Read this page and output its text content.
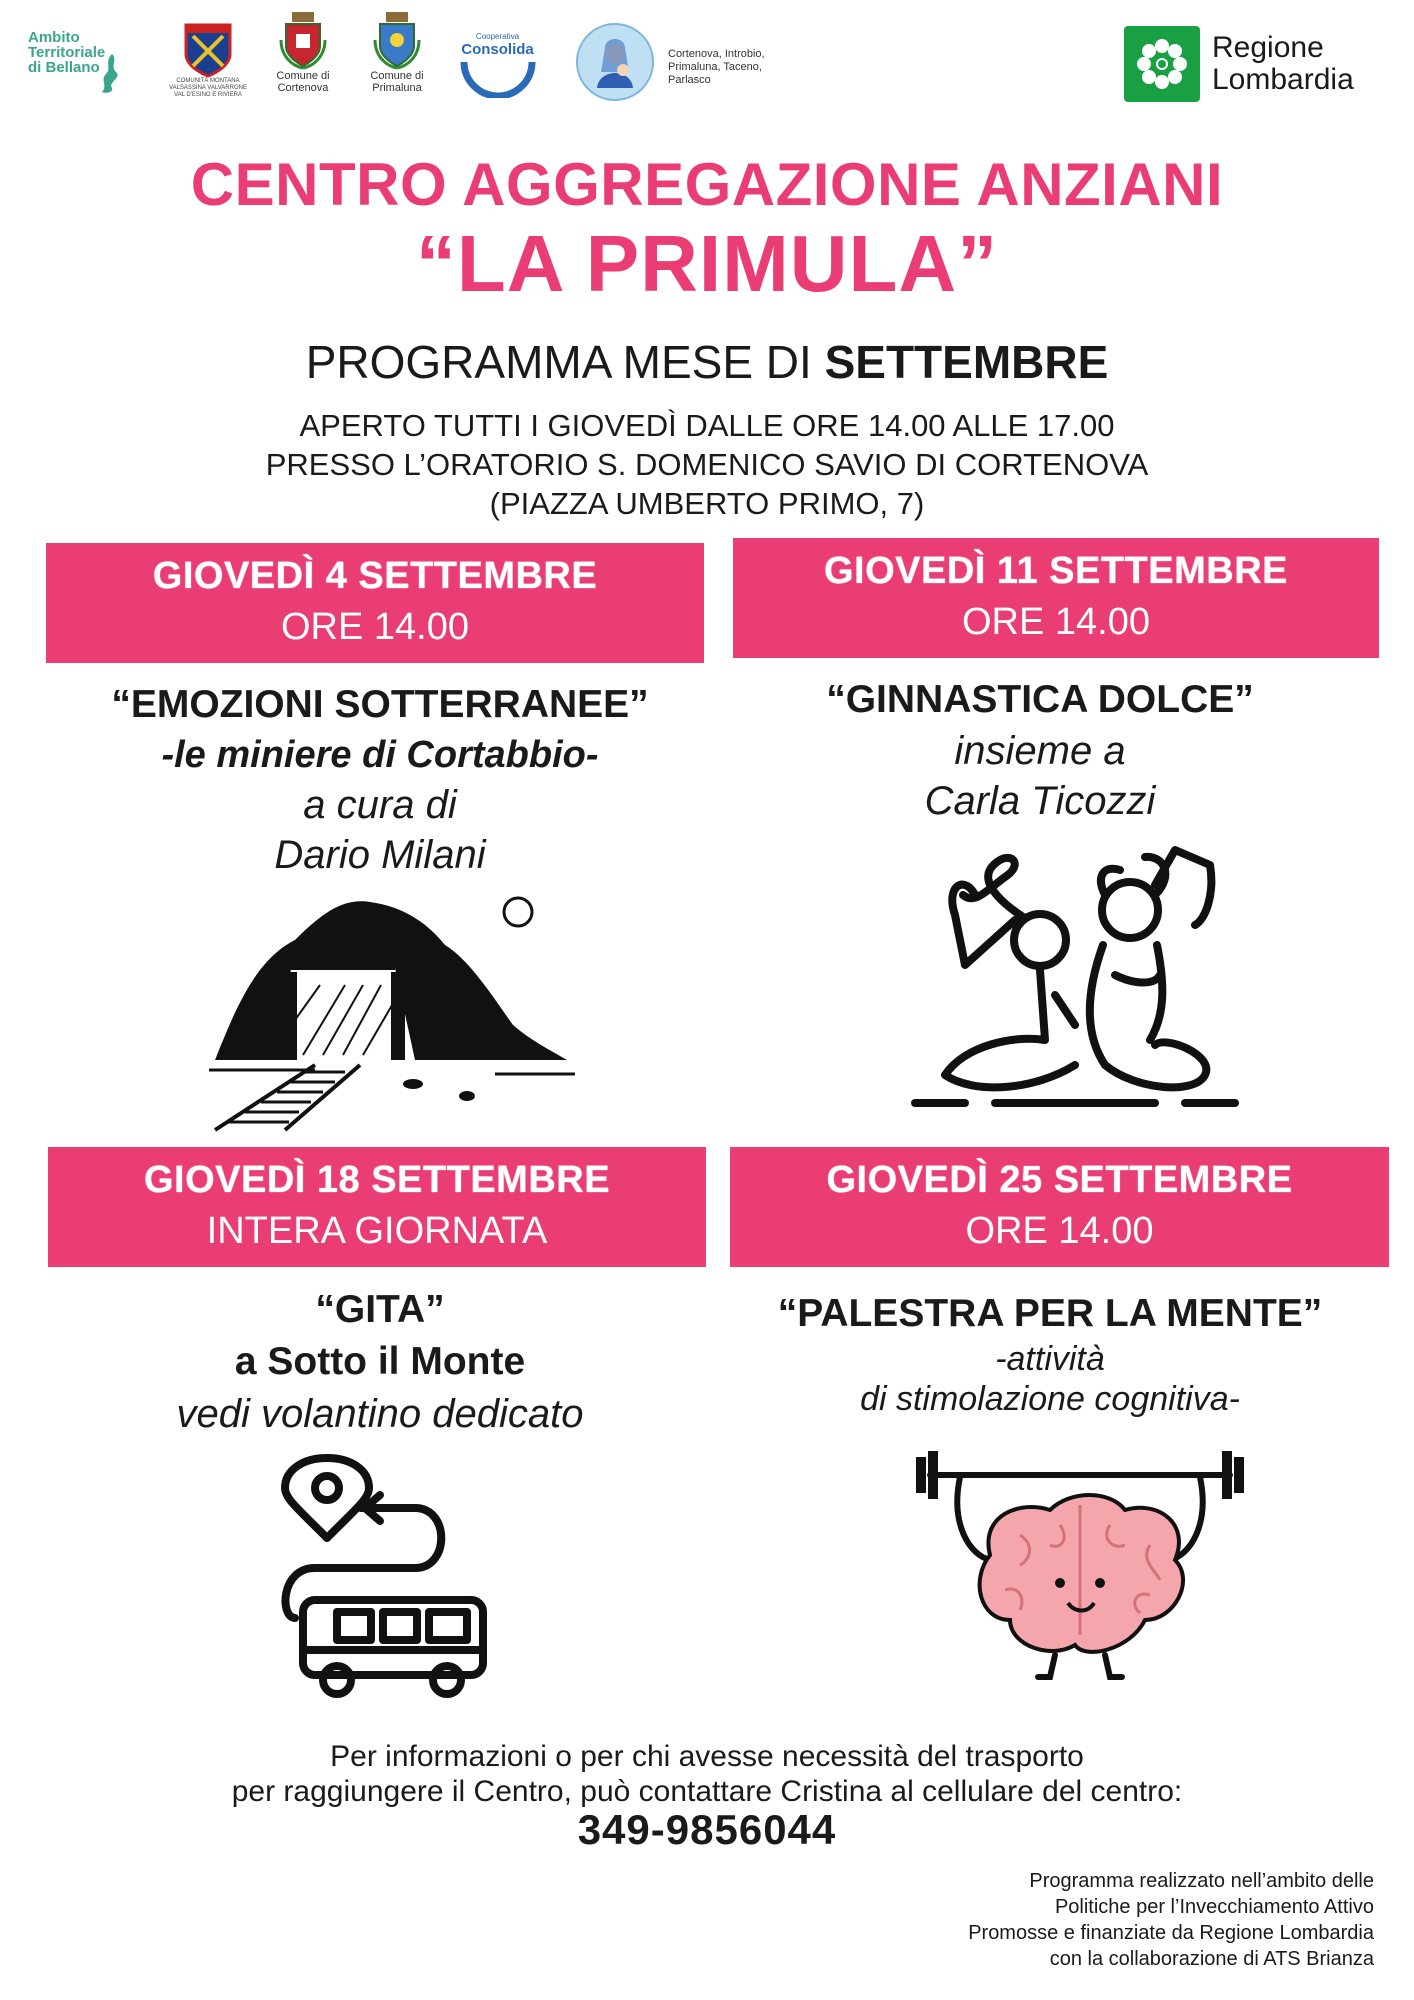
Ambito Territoriale di Bellano
COMUNITÀ MONTANA VALSASSINA VALVARRONE VAL D'ESINO E RIVIERA
Comune di Cortenova
Comune di Primaluna
Cooperativa
Consolida	Cortenova, Introbio, Primaluna, Taceno, Parlasco
Regione
Lombardia
CENTRO AGGREGAZIONE ANZIANI
“LA PRIMULA”
PROGRAMMA MESE DI SETTEMBRE
APERTO TUTTI I GIOVEDÌ DALLE ORE 14.00 ALLE 17.00
PRESSO L’ORATORIO S. DOMENICO SAVIO DI CORTENOVA
(PIAZZA UMBERTO PRIMO, 7)
GIOVEDÌ 4 SETTEMBRE
ORE 14.00
“EMOZIONI SOTTERRANEE”
-le miniere di Cortabbio-
a cura di
Dario Milani
GIOVEDÌ 11 SETTEMBRE
ORE 14.00
“GINNASTICA DOLCE”
insieme a
Carla Ticozzi
GIOVEDÌ 18 SETTEMBRE
INTERA GIORNATA
“GITA”
a Sotto il Monte
vedi volantino dedicato
GIOVEDÌ 25 SETTEMBRE
ORE 14.00
“PALESTRA PER LA MENTE”
-attività
di stimolazione cognitiva-
Per informazioni o per chi avesse necessità del trasporto
per raggiungere il Centro, può contattare Cristina al cellulare del centro:
349-9856044
Programma realizzato nell’ambito delle
Politiche per l’Invecchiamento Attivo
Promosse e finanziate da Regione Lombardia
con la collaborazione di ATS Brianza
